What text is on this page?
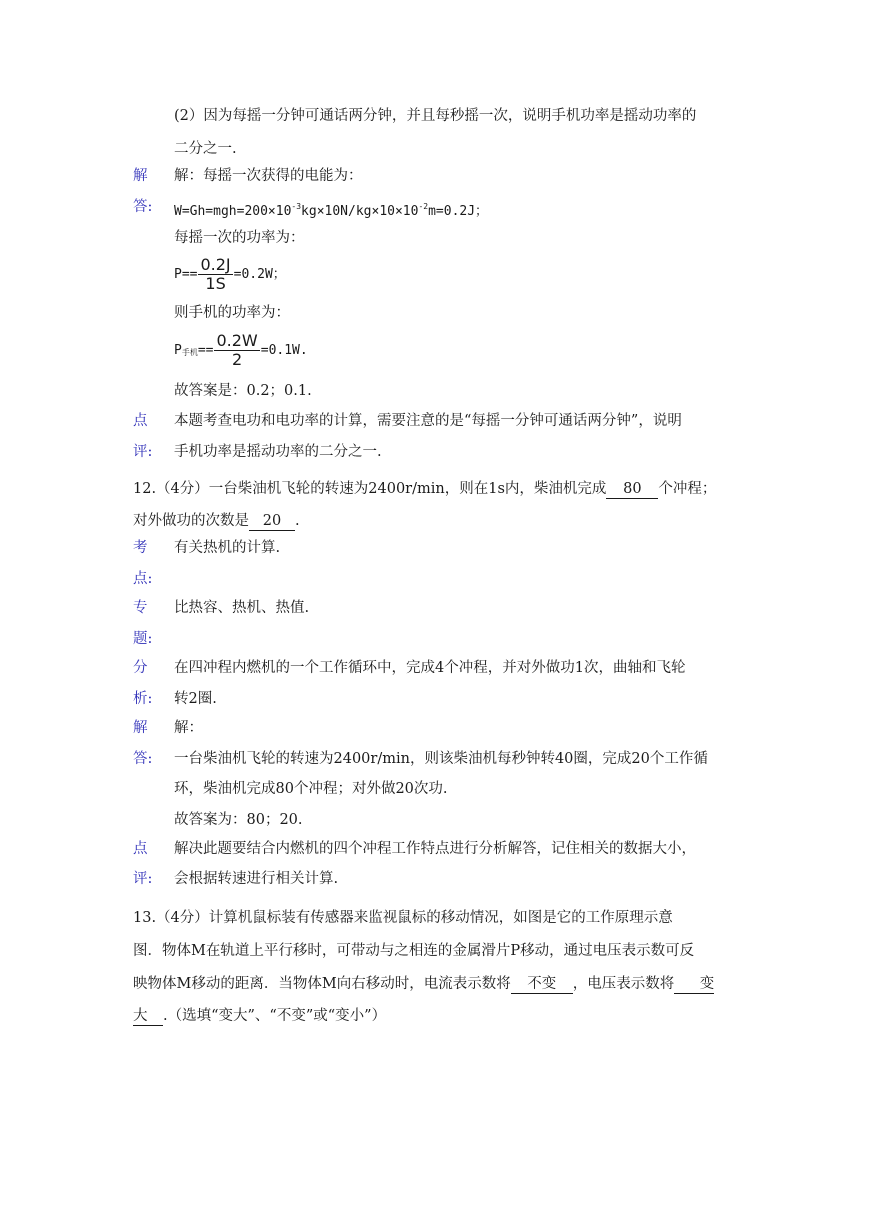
(2）因为每摇一分钟可通话两分钟，并且每秒摇一次，说明手机功率是摇动功率的
二分之一.
解 解：每摇一次获得的电能为：
答: $W=Gh=mgh=200\times 10^{-3}kg\times 10N/kg\times 10\times 10^{-2}m=0.2J$；
每摇一次的功率为：
$P== \frac{0.2J}{1S} =0.2W$；
则手机的功率为：
$P_{手机}== \frac{0.2W}{2} =0.1W$.
故答案是：0.2；0.1.
点 本题考查电功和电功率的计算，需要注意的是“每摇一分钟可通话两分钟”，说明
评: 手机功率是摇动功率的二分之一.
12.（4分）一台柴油机飞轮的转速为2400r/min，则在1s内，柴油机完成 80 个冲程；
对外做功的次数是 20 .
考 有关热机的计算.
点:
专 比热容、热机、热值.
题:
分 在四冲程内燃机的一个工作循环中，完成4个冲程，并对外做功1次，曲轴和飞轮
析: 转2圈.
解 解：
答: 一台柴油机飞轮的转速为2400r/min，则该柴油机每秒钟转40圈，完成20个工作循
环，柴油机完成80个冲程；对外做20次功.
故答案为：80；20.
点 解决此题要结合内燃机的四个冲程工作特点进行分析解答，记住相关的数据大小，
评: 会根据转速进行相关计算.
13.（4分）计算机鼠标装有传感器来监视鼠标的移动情况，如图是它的工作原理示意
图．物体M在轨道上平行移时，可带动与之相连的金属滑片P移动，通过电压表示数可反
映物体M移动的距离．当物体M向右移动时，电流表示数将 不变 ，电压表示数将 变
大 .（选填“变大”、“不变”或“变小”）
